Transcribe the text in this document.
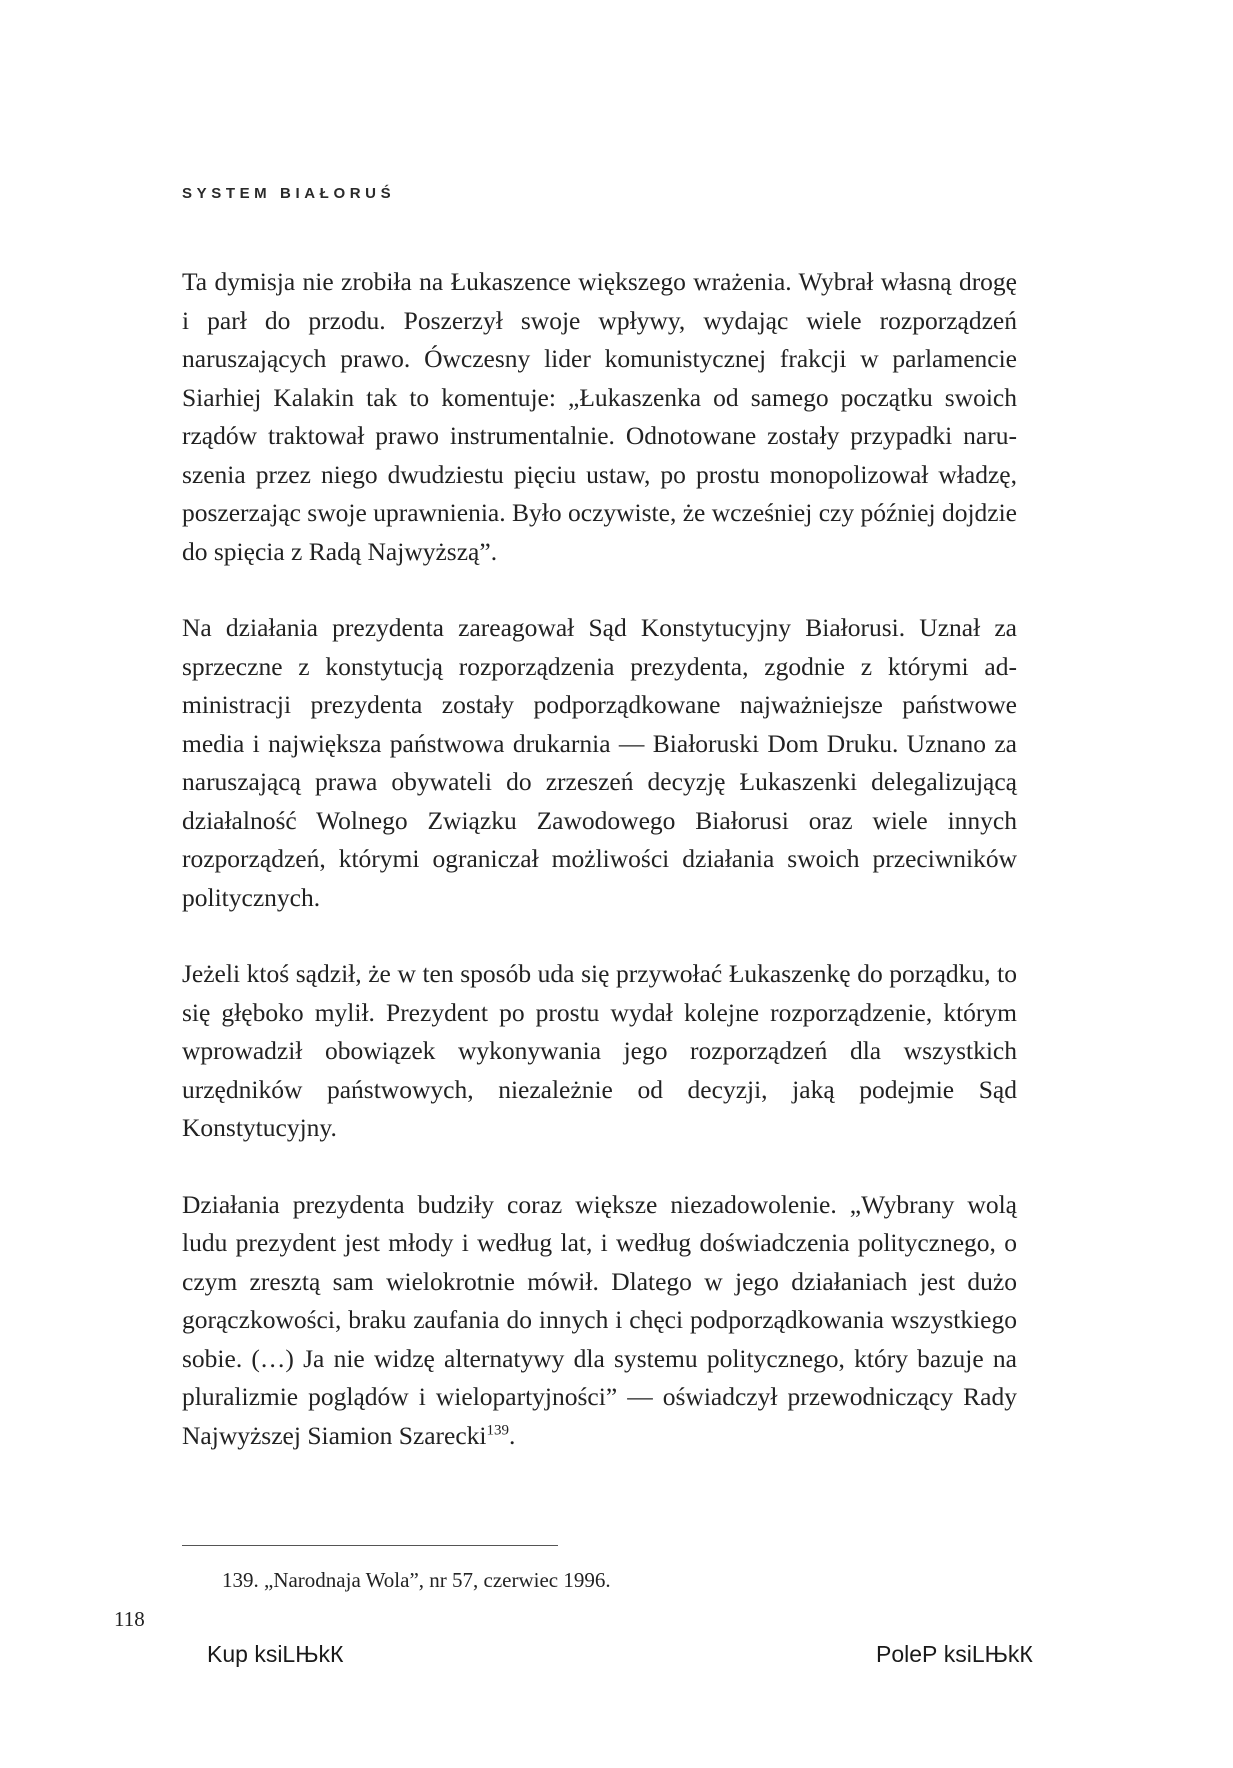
SYSTEM BIAŁORUŚ

Ta dymisja nie zrobiła na Łukaszence większego wrażenia. Wybrał własną drogę i parł do przodu. Poszerzył swoje wpływy, wydając wiele rozporządzeń naruszających prawo. Ówczesny lider komunistycznej frakcji w parlamencie Siarhiej Kalakin tak to komentuje: „Łukaszenka od samego początku swoich rządów traktował prawo instrumentalnie. Odnotowane zostały przypadki naruszenia przez niego dwudziestu pięciu ustaw, po prostu monopolizował władzę, poszerzając swoje uprawnienia. Było oczywiste, że wcześniej czy później dojdzie do spięcia z Radą Najwyższą”.

Na działania prezydenta zareagował Sąd Konstytucyjny Białorusi. Uznał za sprzeczne z konstytucją rozporządzenia prezydenta, zgodnie z którymi administracji prezydenta zostały podporządkowane najważniejsze państwowe media i największa państwowa drukarnia — Białoruski Dom Druku. Uznano za naruszającą prawa obywateli do zrzeszeń decyzję Łukaszenki delegalizującą działalność Wolnego Związku Zawodowego Białorusi oraz wiele innych rozporządzeń, którymi ograniczał możliwości działania swoich przeciwników politycznych.

Jeżeli ktoś sądził, że w ten sposób uda się przywołać Łukaszenkę do porządku, to się głęboko mylił. Prezydent po prostu wydał kolejne rozporządzenie, którym wprowadził obowiązek wykonywania jego rozporządzeń dla wszystkich urzędników państwowych, niezależnie od decyzji, jaką podejmie Sąd Konstytucyjny.

Działania prezydenta budziły coraz większe niezadowolenie. „Wybrany wolą ludu prezydent jest młody i według lat, i według doświadczenia politycznego, o czym zresztą sam wielokrotnie mówił. Dlatego w jego działaniach jest dużo gorączkowości, braku zaufania do innych i chęci podporządkowania wszystkiego sobie. (…) Ja nie widzę alternatywy dla systemu politycznego, który bazuje na pluralizmie poglądów i wielopartyjności” — oświadczył przewodniczący Rady Najwyższej Siamion Szarecki$^{139}$.

139. „Narodnaja Wola”, nr 57, czerwiec 1996.
118
Kup ksiLЊkК	PoleР ksiLЊkК
